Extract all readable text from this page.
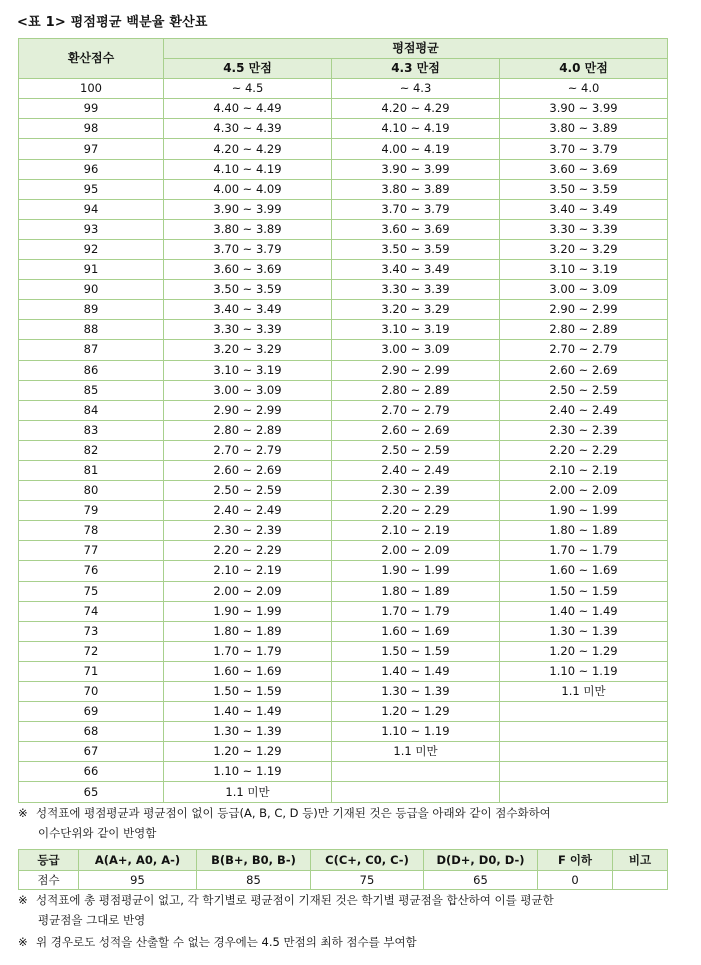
<표 1> 평점평균 백분율 환산표
환산점수	평점평균		
	4.5 만점	4.3 만점	4.0 만점
100	~ 4.5	~ 4.3	~ 4.0
99	4.40 ~ 4.49	4.20 ~ 4.29	3.90 ~ 3.99
98	4.30 ~ 4.39	4.10 ~ 4.19	3.80 ~ 3.89
97	4.20 ~ 4.29	4.00 ~ 4.19	3.70 ~ 3.79
96	4.10 ~ 4.19	3.90 ~ 3.99	3.60 ~ 3.69
95	4.00 ~ 4.09	3.80 ~ 3.89	3.50 ~ 3.59
94	3.90 ~ 3.99	3.70 ~ 3.79	3.40 ~ 3.49
93	3.80 ~ 3.89	3.60 ~ 3.69	3.30 ~ 3.39
92	3.70 ~ 3.79	3.50 ~ 3.59	3.20 ~ 3.29
91	3.60 ~ 3.69	3.40 ~ 3.49	3.10 ~ 3.19
90	3.50 ~ 3.59	3.30 ~ 3.39	3.00 ~ 3.09
89	3.40 ~ 3.49	3.20 ~ 3.29	2.90 ~ 2.99
88	3.30 ~ 3.39	3.10 ~ 3.19	2.80 ~ 2.89
87	3.20 ~ 3.29	3.00 ~ 3.09	2.70 ~ 2.79
86	3.10 ~ 3.19	2.90 ~ 2.99	2.60 ~ 2.69
85	3.00 ~ 3.09	2.80 ~ 2.89	2.50 ~ 2.59
84	2.90 ~ 2.99	2.70 ~ 2.79	2.40 ~ 2.49
83	2.80 ~ 2.89	2.60 ~ 2.69	2.30 ~ 2.39
82	2.70 ~ 2.79	2.50 ~ 2.59	2.20 ~ 2.29
81	2.60 ~ 2.69	2.40 ~ 2.49	2.10 ~ 2.19
80	2.50 ~ 2.59	2.30 ~ 2.39	2.00 ~ 2.09
79	2.40 ~ 2.49	2.20 ~ 2.29	1.90 ~ 1.99
78	2.30 ~ 2.39	2.10 ~ 2.19	1.80 ~ 1.89
77	2.20 ~ 2.29	2.00 ~ 2.09	1.70 ~ 1.79
76	2.10 ~ 2.19	1.90 ~ 1.99	1.60 ~ 1.69
75	2.00 ~ 2.09	1.80 ~ 1.89	1.50 ~ 1.59
74	1.90 ~ 1.99	1.70 ~ 1.79	1.40 ~ 1.49
73	1.80 ~ 1.89	1.60 ~ 1.69	1.30 ~ 1.39
72	1.70 ~ 1.79	1.50 ~ 1.59	1.20 ~ 1.29
71	1.60 ~ 1.69	1.40 ~ 1.49	1.10 ~ 1.19
70	1.50 ~ 1.59	1.30 ~ 1.39	1.1 미만
69	1.40 ~ 1.49	1.20 ~ 1.29	
68	1.30 ~ 1.39	1.10 ~ 1.19	
67	1.20 ~ 1.29	1.1 미만	
66	1.10 ~ 1.19		
65	1.1 미만		
※ 성적표에 평점평균과 평균점이 없이 등급(A, B, C, D 등)만 기재된 것은 등급을 아래와 같이 점수화하여
이수단위와 같이 반영함
등급	A(A+, A0, A-)	B(B+, B0, B-)	C(C+, C0, C-)	D(D+, D0, D-)	F 이하	비고
점수	95	85	75	65	0	
※ 성적표에 총 평점평균이 없고, 각 학기별로 평균점이 기재된 것은 학기별 평균점을 합산하여 이를 평균한
평균점을 그대로 반영
※ 위 경우로도 성적을 산출할 수 없는 경우에는 4.5 만점의 최하 점수를 부여함
